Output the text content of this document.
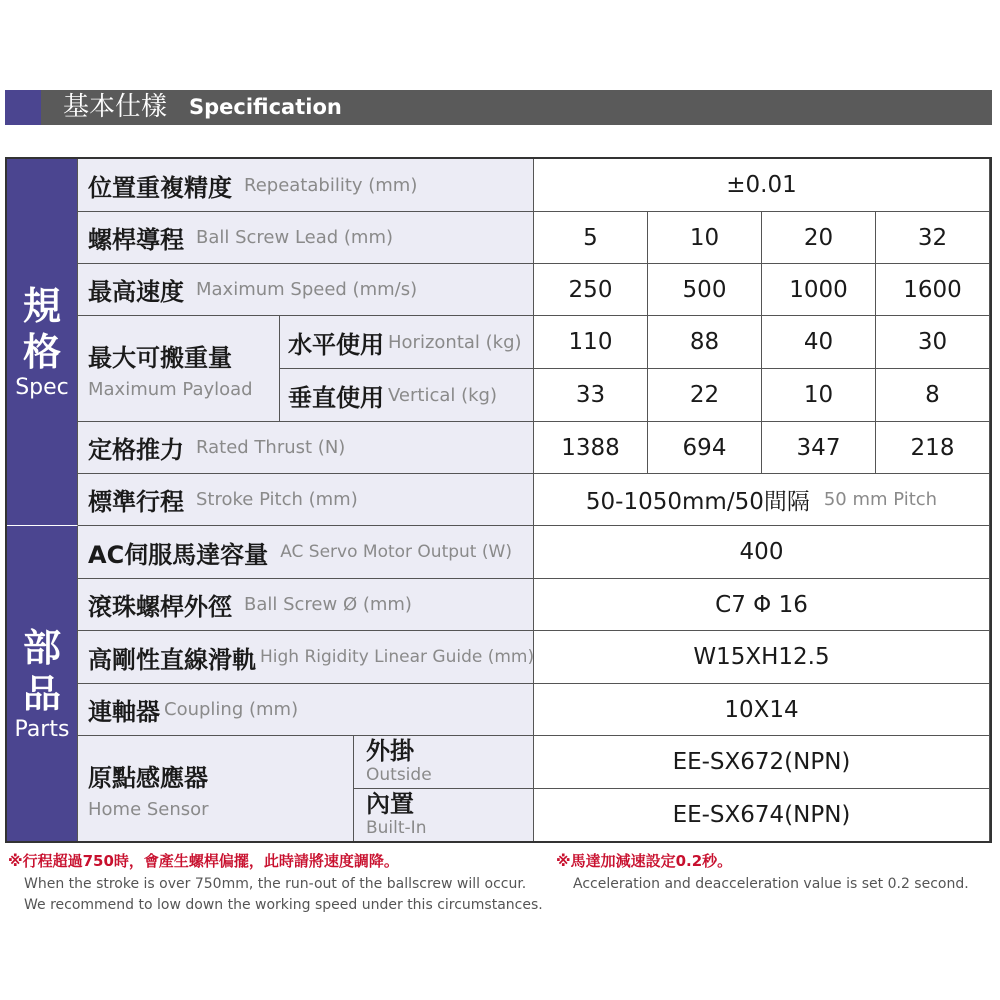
基本仕樣 Specification
規
格
Spec
位置重複精度 Repeatability (mm)	±0.01
螺桿導程 Ball Screw Lead (mm)	5	10	20	32
最高速度 Maximum Speed (mm/s)	250	500	1000	1600
最大可搬重量
Maximum Payload
水平使用 Horizontal (kg)	110	88	40	30
垂直使用 Vertical (kg)	33	22	10	8
定格推力 Rated Thrust (N)	1388	694	347	218
標準行程 Stroke Pitch (mm)	50-1050mm/50間隔 50 mm Pitch
部
品
Parts
AC伺服馬達容量 AC Servo Motor Output (W)	400
滾珠螺桿外徑 Ball Screw Ø (mm)	C7 Φ 16
高剛性直線滑軌 High Rigidity Linear Guide (mm)	W15XH12.5
連軸器 Coupling (mm)	10X14
原點感應器
Home Sensor
外掛
Outside	EE-SX672(NPN)
內置
Built-In	EE-SX674(NPN)
※行程超過750時，會產生螺桿偏擺，此時請將速度調降。
When the stroke is over 750mm, the run-out of the ballscrew will occur.
We recommend to low down the working speed under this circumstances.
※馬達加減速設定0.2秒。
Acceleration and deacceleration value is set 0.2 second.
